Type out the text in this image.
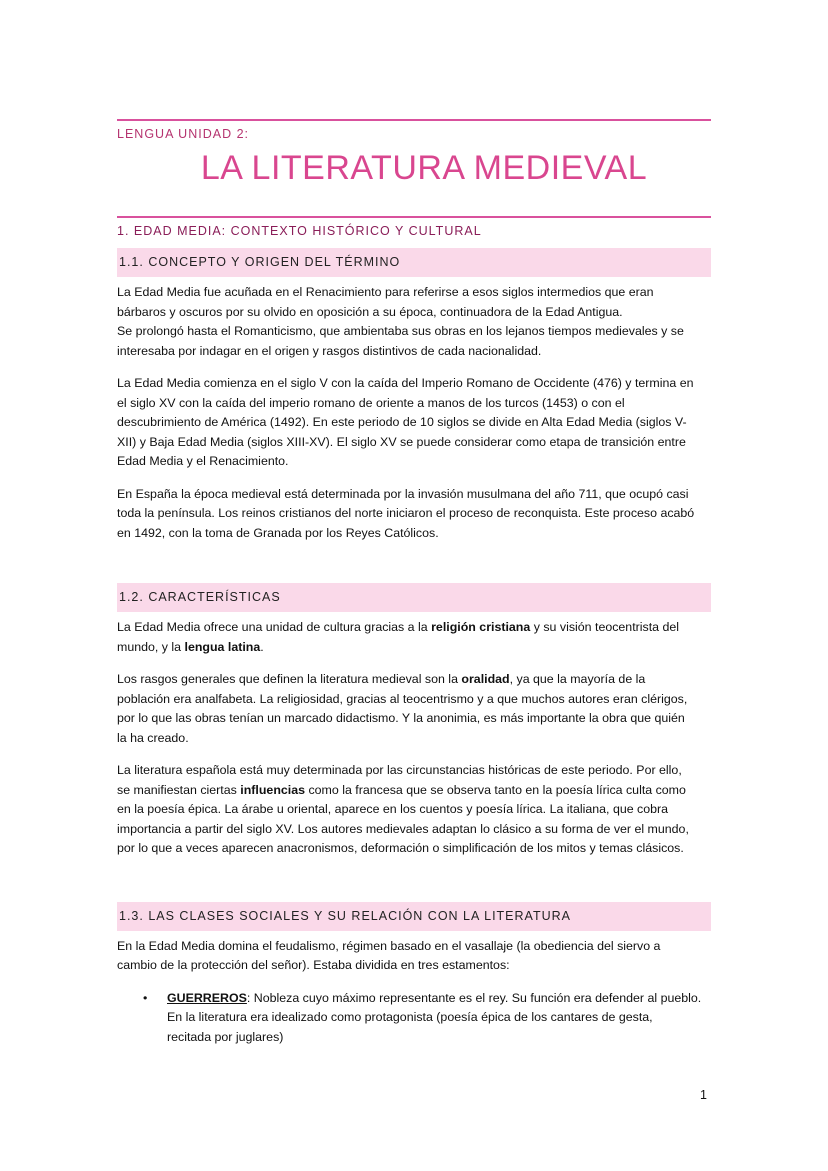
LENGUA UNIDAD 2:
LA LITERATURA MEDIEVAL
1. EDAD MEDIA: CONTEXTO HISTÓRICO Y CULTURAL
1.1. CONCEPTO Y ORIGEN DEL TÉRMINO

La Edad Media fue acuñada en el Renacimiento para referirse a esos siglos intermedios que eran
bárbaros y oscuros por su olvido en oposición a su época, continuadora de la Edad Antigua.
Se prolongó hasta el Romanticismo, que ambientaba sus obras en los lejanos tiempos medievales y se
interesaba por indagar en el origen y rasgos distintivos de cada nacionalidad.

La Edad Media comienza en el siglo V con la caída del Imperio Romano de Occidente (476) y termina en
el siglo XV con la caída del imperio romano de oriente a manos de los turcos (1453) o con el
descubrimiento de América (1492). En este periodo de 10 siglos se divide en Alta Edad Media (siglos V-
XII) y Baja Edad Media (siglos XIII-XV). El siglo XV se puede considerar como etapa de transición entre
Edad Media y el Renacimiento.

En España la época medieval está determinada por la invasión musulmana del año 711, que ocupó casi
toda la península. Los reinos cristianos del norte iniciaron el proceso de reconquista. Este proceso acabó
en 1492, con la toma de Granada por los Reyes Católicos.

1.2. CARACTERÍSTICAS

La Edad Media ofrece una unidad de cultura gracias a la religión cristiana y su visión teocentrista del
mundo, y la lengua latina.

Los rasgos generales que definen la literatura medieval son la oralidad, ya que la mayoría de la
población era analfabeta. La religiosidad, gracias al teocentrismo y a que muchos autores eran clérigos,
por lo que las obras tenían un marcado didactismo. Y la anonimia, es más importante la obra que quién
la ha creado.

La literatura española está muy determinada por las circunstancias históricas de este periodo. Por ello,
se manifiestan ciertas influencias como la francesa que se observa tanto en la poesía lírica culta como
en la poesía épica. La árabe u oriental, aparece en los cuentos y poesía lírica. La italiana, que cobra
importancia a partir del siglo XV. Los autores medievales adaptan lo clásico a su forma de ver el mundo,
por lo que a veces aparecen anacronismos, deformación o simplificación de los mitos y temas clásicos.

1.3. LAS CLASES SOCIALES Y SU RELACIÓN CON LA LITERATURA

En la Edad Media domina el feudalismo, régimen basado en el vasallaje (la obediencia del siervo a
cambio de la protección del señor). Estaba dividida en tres estamentos:

• GUERREROS: Nobleza cuyo máximo representante es el rey. Su función era defender al pueblo.
En la literatura era idealizado como protagonista (poesía épica de los cantares de gesta,
recitada por juglares)
1
